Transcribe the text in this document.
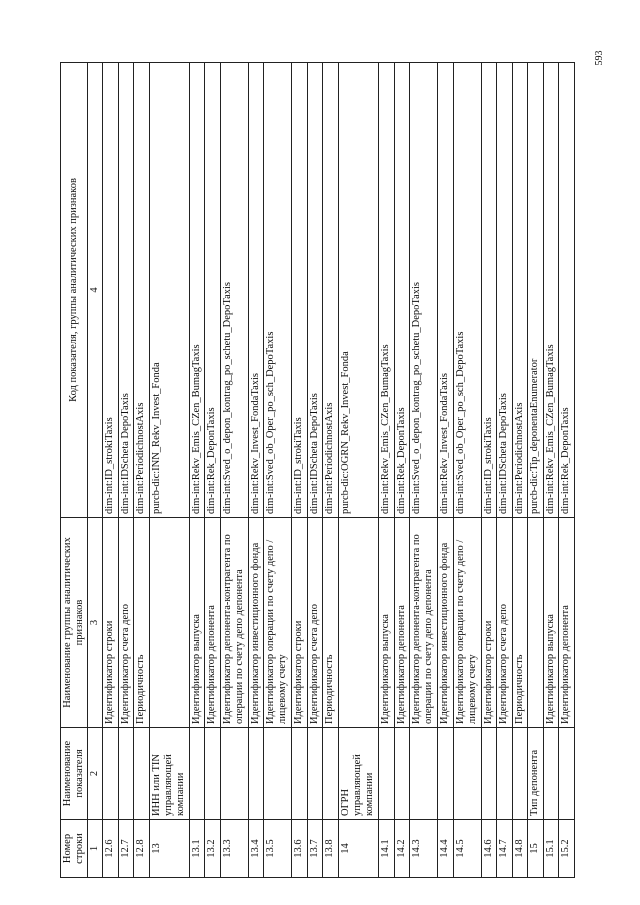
593
Номер строки	Наименование показателя	Наименование группы аналитических признаков	Код показателя, группы аналитических признаков
1	2	3	4
12.6		Идентификатор строки	dim-int:ID_strokiTaxis
12.7		Идентификатор счета депо	dim-int:IDScheta DepoTaxis
12.8		Периодичность	dim-int:PeriodichnostAxis
13	ИНН или TIN управляющей компании		purcb-dic:INN_Rekv_Invest_Fonda
13.1		Идентификатор выпуска	dim-int:Rekv_Emis_CZen_BumagTaxis
13.2		Идентификатор депонента	dim-int:Rek_DeponTaxis
13.3		Идентификатор депонента-контрагента по операции по счету депо депонента	dim-int:Sved_o_depon_kontrag_po_schetu_DepoTaxis
13.4		Идентификатор инвестиционного фонда	dim-int:Rekv_Invest_FondaTaxis
13.5		Идентификатор операции по счету депо / лицевому счету	dim-int:Sved_ob_Oper_po_sch_DepoTaxis
13.6		Идентификатор строки	dim-int:ID_strokiTaxis
13.7		Идентификатор счета депо	dim-int:IDScheta DepoTaxis
13.8		Периодичность	dim-int:PeriodichnostAxis
14	ОГРН управляющей компании		purcb-dic:OGRN_Rekv_Invest_Fonda
14.1		Идентификатор выпуска	dim-int:Rekv_Emis_CZen_BumagTaxis
14.2		Идентификатор депонента	dim-int:Rek_DeponTaxis
14.3		Идентификатор депонента-контрагента по операции по счету депо депонента	dim-int:Sved_o_depon_kontrag_po_schetu_DepoTaxis
14.4		Идентификатор инвестиционного фонда	dim-int:Rekv_Invest_FondaTaxis
14.5		Идентификатор операции по счету депо / лицевому счету	dim-int:Sved_ob_Oper_po_sch_DepoTaxis
14.6		Идентификатор строки	dim-int:ID_strokiTaxis
14.7		Идентификатор счета депо	dim-int:IDScheta DepoTaxis
14.8		Периодичность	dim-int:PeriodichnostAxis
15	Тип депонента		purcb-dic:Tip_deponentaEnumerator
15.1		Идентификатор выпуска	dim-int:Rekv_Emis_CZen_BumagTaxis
15.2		Идентификатор депонента	dim-int:Rek_DeponTaxis
